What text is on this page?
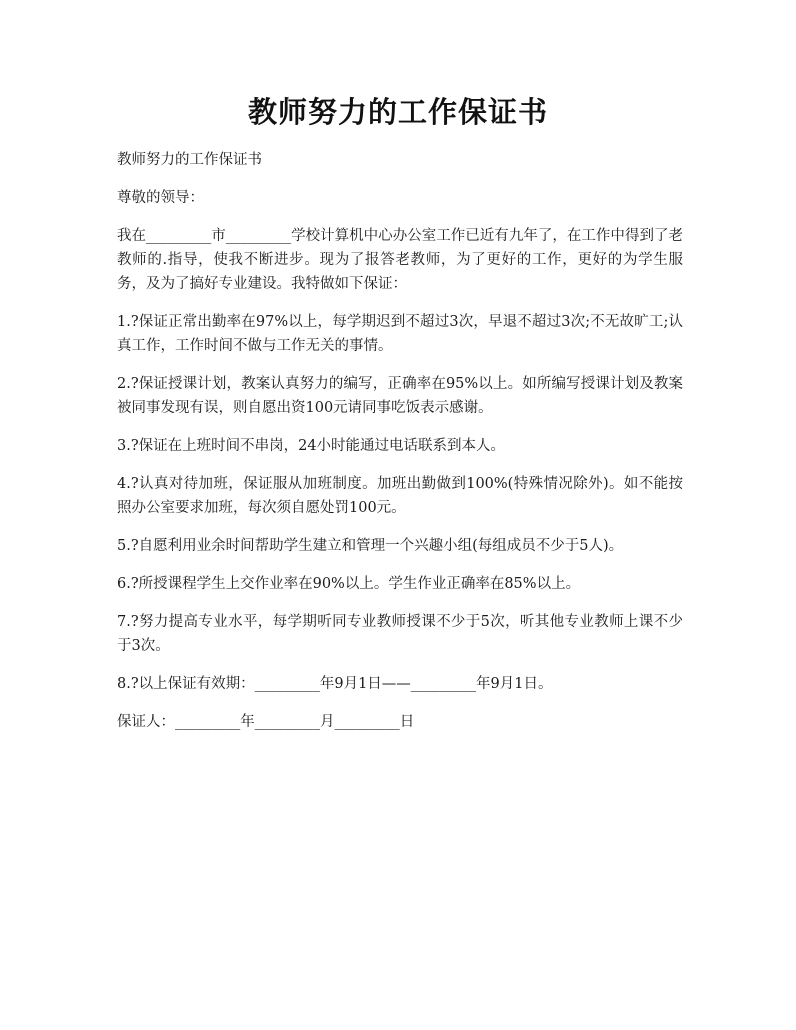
教师努力的工作保证书

教师努力的工作保证书

尊敬的领导：

我在_________市_________学校计算机中心办公室工作已近有九年了，在工作中得到了老教师的.指导，使我不断进步。现为了报答老教师，为了更好的工作，更好的为学生服务，及为了搞好专业建设。我特做如下保证：

1.?保证正常出勤率在97%以上，每学期迟到不超过3次，早退不超过3次;不无故旷工;认真工作，工作时间不做与工作无关的事情。

2.?保证授课计划，教案认真努力的编写，正确率在95%以上。如所编写授课计划及教案被同事发现有误，则自愿出资100元请同事吃饭表示感谢。

3.?保证在上班时间不串岗，24小时能通过电话联系到本人。

4.?认真对待加班，保证服从加班制度。加班出勤做到100%(特殊情况除外)。如不能按照办公室要求加班，每次须自愿处罚100元。

5.?自愿利用业余时间帮助学生建立和管理一个兴趣小组(每组成员不少于5人)。

6.?所授课程学生上交作业率在90%以上。学生作业正确率在85%以上。

7.?努力提高专业水平，每学期听同专业教师授课不少于5次，听其他专业教师上课不少于3次。

8.?以上保证有效期：_________年9月1日——_________年9月1日。

保证人：_________年_________月_________日
